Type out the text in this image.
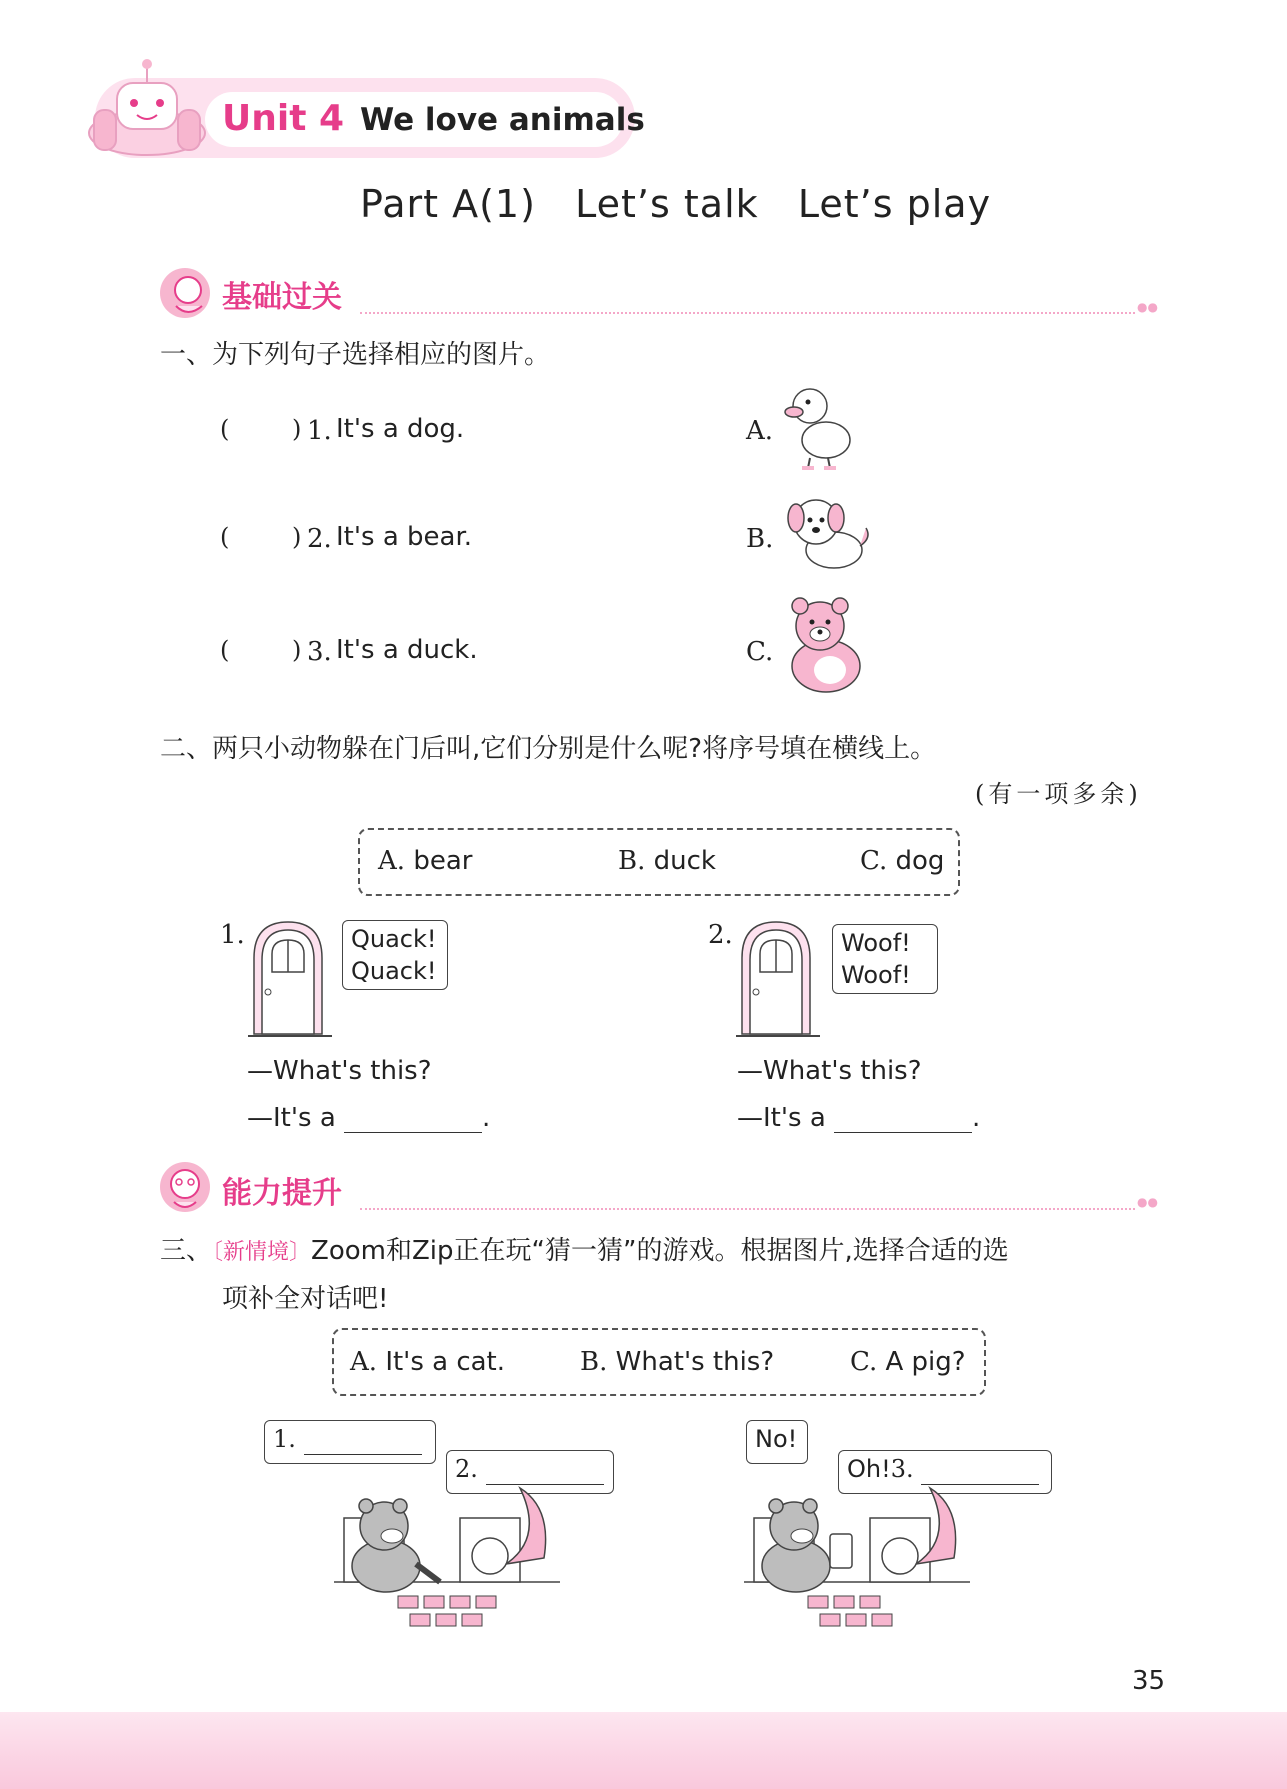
Unit 4 We love animals
Part A(1)   Let’s talk   Let’s play
基础过关	●●
一、为下列句子选择相应的图片。
(	) 1. It's a dog.
(	) 2. It's a bear.
(	) 3. It's a duck.
A.
B.
C.
二、两只小动物躲在门后叫,它们分别是什么呢?将序号填在横线上。
(有一项多余)
A. bear	B. duck	C. dog
1.	Quack!
Quack!
—What's this?
—It's a	.
2.	Woof!
Woof!
—What's this?
—It's a	.
能力提升	●●
三、〔新情境〕Zoom和Zip正在玩“猜一猜”的游戏。根据图片,选择合适的选
项补全对话吧!
A. It's a cat.	B. What's this?	C. A pig?
1.
2.
No!
Oh!3.
35
